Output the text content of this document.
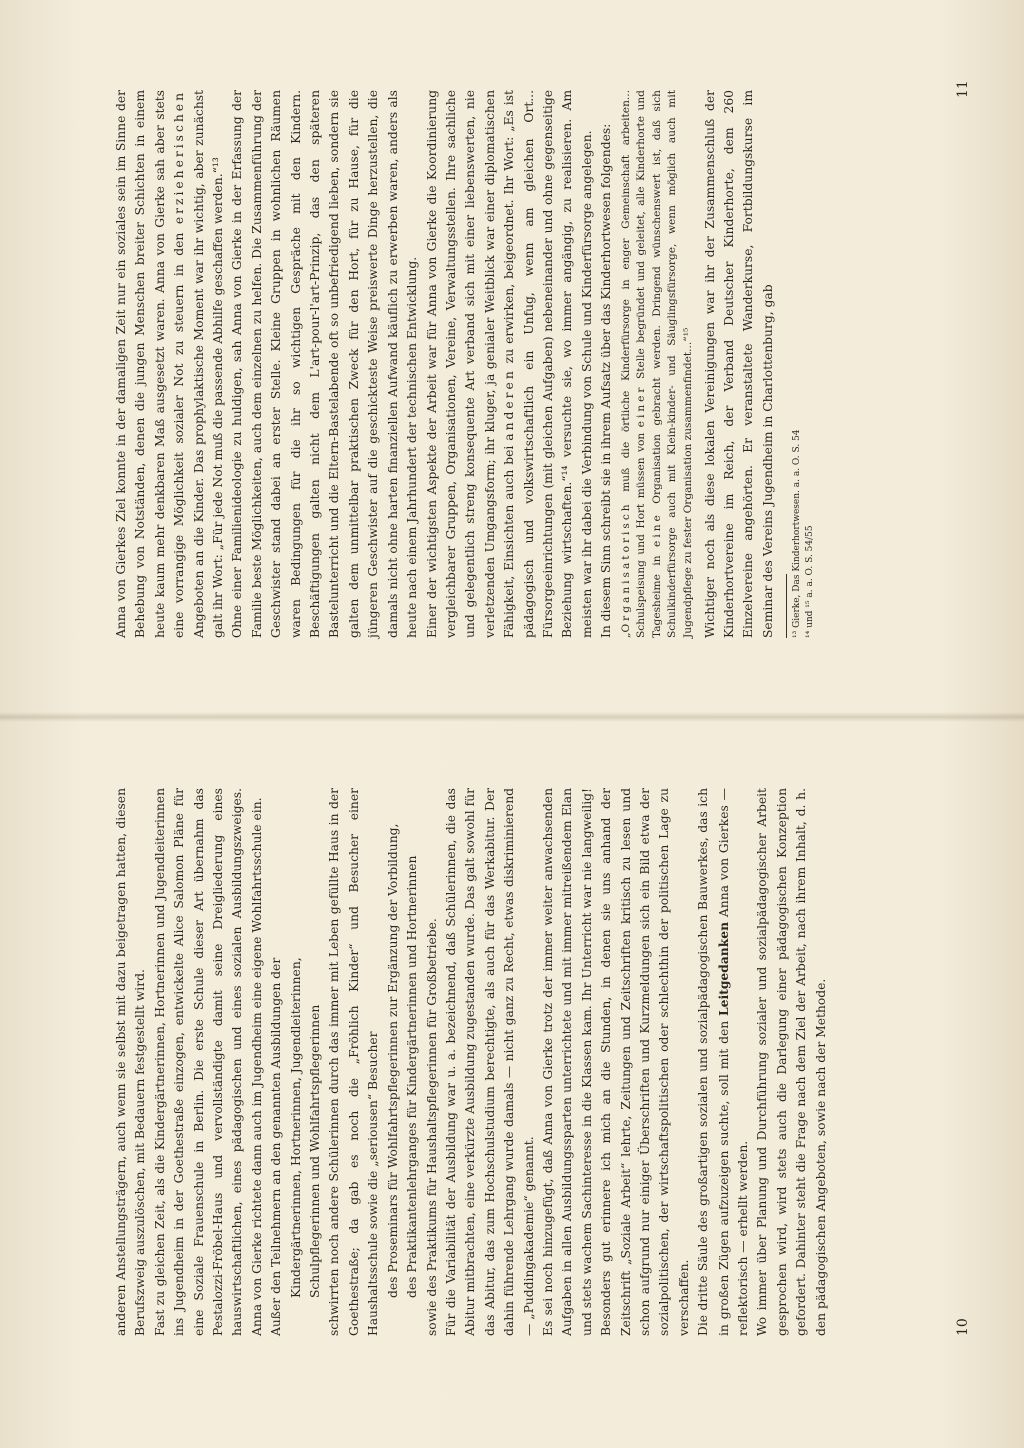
anderen Anstellungsträgern, auch wenn sie selbst mit dazu beigetragen hatten, diesen Berufszweig auszulöschen, mit Bedauern festgestellt wird. Fast zu gleichen Zeit, als die Kindergärtnerinnen, Hortnerinnen und Jugendleiterinnen ins Jugendheim in der Goethestraße einzogen, entwickelte Alice Salomon Pläne für eine Soziale Frauenschule in Berlin. Die erste Schule dieser Art übernahm das Pestalozzi-Fröbel-Haus und vervollständigte damit seine Dreigliederung eines hauswirtschaftlichen, eines pädagogischen und eines sozialen Ausbildungszweiges. Anna von Gierke richtete dann auch im Jugendheim eine eigene Wohlfahrtsschule ein. Außer den Teilnehmern an den genannten Ausbildungen der Kindergärtnerinnen, Hortnerinnen, Jugendleiterinnen, Schulpflegerinnen und Wohlfahrtspflegerinnen schwirrten noch andere Schülerinnen durch das immer mit Leben gefüllte Haus in der Goethestraße; da gab es noch die „Fröhlich Kinder“ und Besucher einer Haushaltsschule sowie die „seriousen“ Besucher des Proseminars für Wohlfahrtspflegerinnen zur Ergänzung der Vorbildung, des Praktikantenlehrganges für Kindergärtnerinnen und Hortnerinnen sowie des Praktikums für Haushaltspflegerinnen für Großbetriebe. Für die Variabilität der Ausbildung war u. a. bezeichnend, daß Schülerinnen, die das Abitur mitbrachten, eine verkürzte Ausbildung zugestanden wurde. Das galt sowohl für das Abitur, das zum Hochschulstudium berechtigte, als auch für das Werkabitur. Der dahin führende Lehrgang wurde damals — nicht ganz zu Recht, etwas diskriminierend — „Puddingakademie“ genannt. Es sei noch hinzugefügt, daß Anna von Gierke trotz der immer weiter anwachsenden Aufgaben in allen Ausbildungssparten unterrichtete und mit immer mitreißendem Elan und stets wachem Sachinteresse in die Klassen kam. Ihr Unterricht war nie langweilig! Besonders gut erinnere ich mich an die Stunden, in denen sie uns anhand der Zeitschrift „Soziale Arbeit“ lehrte, Zeitungen und Zeitschriften kritisch zu lesen und schon aufgrund nur einiger Überschriften und Kurzmeldungen sich ein Bild etwa der sozialpolitischen, der wirtschaftspolitischen oder schlechthin der politischen Lage zu verschaffen. Die dritte Säule des großartigen sozialen und sozialpädagogischen Bauwerkes, das ich in großen Zügen aufzuzeigen suchte, soll mit den Leitgedanken Anna von Gierkes — reflektorisch — erhellt werden. Wo immer über Planung und Durchführung sozialer und sozialpädagogischer Arbeit gesprochen wird, wird stets auch die Darlegung einer pädagogischen Konzeption gefordert. Dahinter steht die Frage nach dem Ziel der Arbeit, nach ihrem Inhalt, d. h. den pädagogischen Angeboten, sowie nach der Methode.	10

Anna von Gierkes Ziel konnte in der damaligen Zeit nur ein soziales sein im Sinne der Behebung von Notständen, denen die jungen Menschen breiter Schichten in einem heute kaum mehr denkbaren Maß ausgesetzt waren. Anna von Gierke sah aber stets eine vorrangige Möglichkeit sozialer Not zu steuern in den erzieherischen Angeboten an die Kinder. Das prophylaktische Moment war ihr wichtig, aber zunächst galt ihr Wort: „Für jede Not muß die passende Abhilfe geschaffen werden.“¹³ Ohne einer Familienideologie zu huldigen, sah Anna von Gierke in der Erfassung der Familie beste Möglichkeiten, auch dem einzelnen zu helfen. Die Zusammenführung der Geschwister stand dabei an erster Stelle. Kleine Gruppen in wohnlichen Räumen waren Bedingungen für die ihr so wichtigen Gespräche mit den Kindern. Beschäftigungen galten nicht dem L'art-pour-l'art-Prinzip, das den späteren Bastelunterricht und die Eltern-Bastelabende oft so unbefriedigend lieben, sondern sie galten dem unmittelbar praktischen Zweck für den Hort, für zu Hause, für die jüngeren Geschwister auf die geschickteste Weise preiswerte Dinge herzustellen, die damals nicht ohne harten finanziellen Aufwand käuflich zu erwerben waren, anders als heute nach einem Jahrhundert der technischen Entwicklung. Einer der wichtigsten Aspekte der Arbeit war für Anna von Gierke die Koordinierung vergleichbarer Gruppen, Organisationen, Vereine, Verwaltungsstellen. Ihre sachliche und gelegentlich streng konsequente Art verband sich mit einer liebenswerten, nie verletzenden Umgangsform; ihr kluger, ja genialer Weitblick war einer diplomatischen Fähigkeit, Einsichten auch bei anderen zu erwirken, beigeordnet. Ihr Wort: „Es ist pädagogisch und volkswirtschaftlich ein Unfug, wenn am gleichen Ort... Fürsorgeeinrichtungen (mit gleichen Aufgaben) nebeneinander und ohne gegenseitige Beziehung wirtschaften.“¹⁴ versuchte sie, wo immer angängig, zu realisieren. Am meisten war ihr dabei die Verbindung von Schule und Kinderfürsorge angelegen. In diesem Sinn schreibt sie in ihrem Aufsatz über das Kinderhortwesen folgendes: „Organisatorisch muß die örtliche Kinderfürsorge in enger Gemeinschaft arbeiten... Schulspeisung und Hort müssen von einer Stelle begründet und geleitet, alle Kinderhorte und Tagesheime in eine Organisation gebracht werden. Dringend wünschenswert ist, daß sich Schulkinderfürsorge auch mit Klein-kinder- und Säuglingsfürsorge, wenn möglich auch mit Jugendpflege zu fester Organisation zusammenfindet...“¹⁵ Wichtiger noch als diese lokalen Vereinigungen war ihr der Zusammenschluß der Kinderhortvereine im Reich, der Verband Deutscher Kinderhorte, dem 260 Einzelvereine angehörten. Er veranstaltete Wanderkurse, Fortbildungskurse im Seminar des Vereins Jugendheim in Charlottenburg, gab	¹³ Gierke, Das Kinderhortwesen. a. a. O. S. 54 ¹⁴ und ¹⁵ a. a. O. S. 54/55

11
